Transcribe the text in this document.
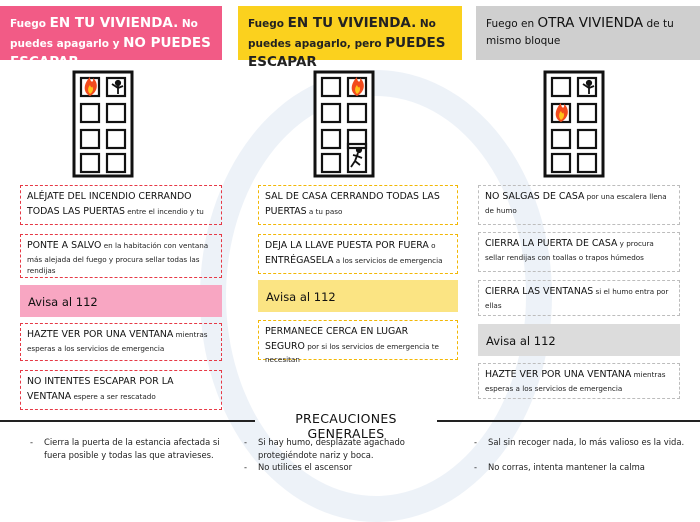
Fuego EN TU VIVIENDA. No puedes apagarlo y NO PUEDES ESCAPAR
Fuego EN TU VIVIENDA. No puedes apagarlo, pero PUEDES ESCAPAR
Fuego en OTRA VIVIENDA de tu mismo bloque
ALÉJATE DEL INCENDIO CERRANDO TODAS LAS PUERTAS entre el incendio y tu
PONTE A SALVO en la habitación con ventana más alejada del fuego y procura sellar todas las rendijas
Avisa al 112
HAZTE VER POR UNA VENTANA mientras esperas a los servicios de emergencia
NO INTENTES ESCAPAR POR LA VENTANA espere a ser rescatado
SAL DE CASA CERRANDO TODAS LAS PUERTAS a tu paso
DEJA LA LLAVE PUESTA POR FUERA o ENTRÉGASELA a los servicios de emergencia
Avisa al 112
PERMANECE CERCA EN LUGAR SEGURO por si los servicios de emergencia te necesitan
NO SALGAS DE CASA por una escalera llena de humo
CIERRA LA PUERTA DE CASA y procura sellar rendijas con toallas o trapos húmedos
CIERRA LAS VENTANAS si el humo entra por ellas
Avisa al 112
HAZTE VER POR UNA VENTANA mientras esperas a los servicios de emergencia
PRECAUCIONES GENERALES
- Cierra la puerta de la estancia afectada si fuera posible y todas las que atravieses.
- Si hay humo, desplázate agachado protegiéndote nariz y boca.
- No utilices el ascensor
- Sal sin recoger nada, lo más valioso es la vida.
- No corras, intenta mantener la calma
